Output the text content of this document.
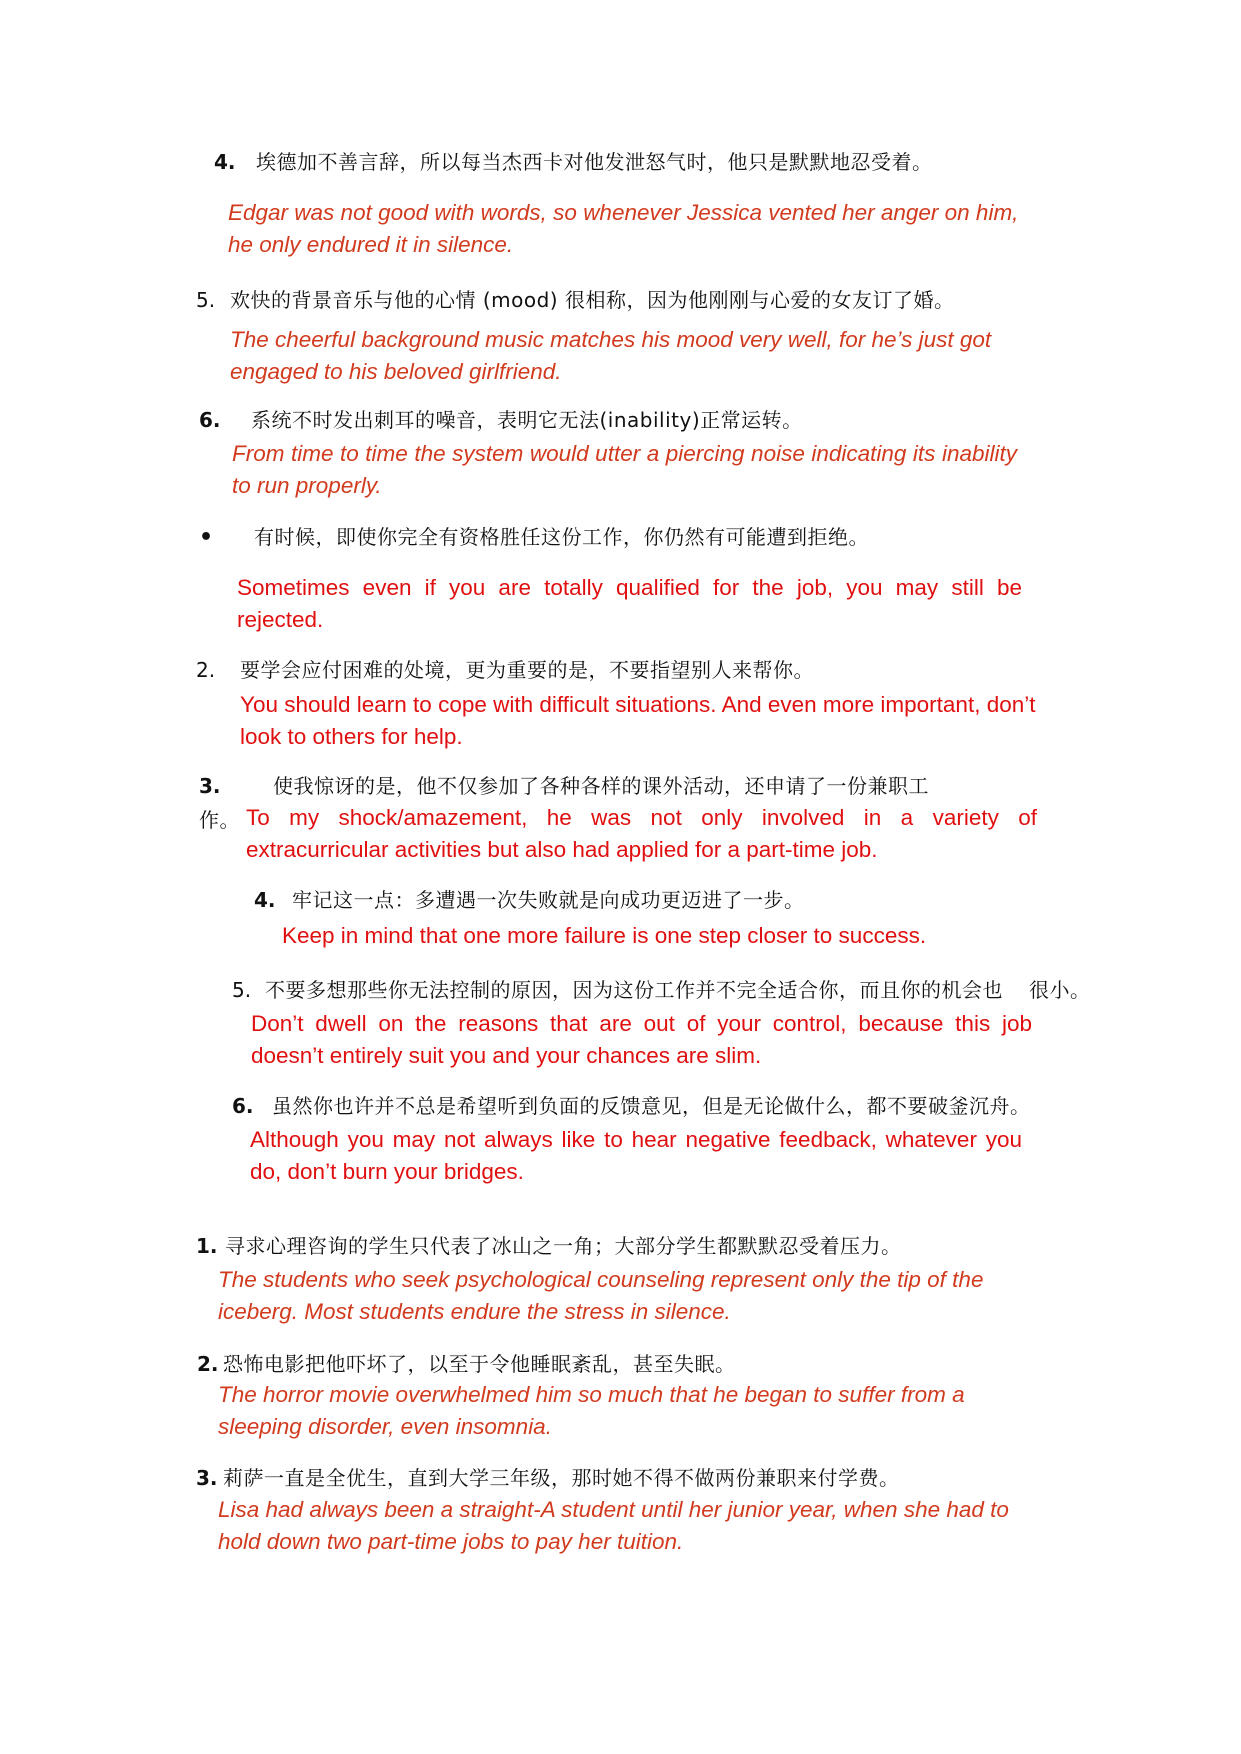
4.	埃德加不善言辞，所以每当杰西卡对他发泄怒气时，他只是默默地忍受着。

Edgar was not good with words, so whenever Jessica vented her anger on him, he only endured it in silence.

5. 欢快的背景音乐与他的心情 (mood) 很相称，因为他刚刚与心爱的女友订了婚。

The cheerful background music matches his mood very well, for he’s just got engaged to his beloved girlfriend.

6.	系统不时发出刺耳的噪音，表明它无法(inability)正常运转。

From time to time the system would utter a piercing noise indicating its inability to run properly.

•	有时候，即使你完全有资格胜任这份工作，你仍然有可能遭到拒绝。

Sometimes even if you are totally qualified for the job, you may still be rejected.

2.	要学会应付困难的处境，更为重要的是，不要指望别人来帮你。

You should learn to cope with difficult situations. And even more important, don’t look to others for help.

3.	使我惊讶的是，他不仅参加了各种各样的课外活动，还申请了一份兼职工
作。 To my shock/amazement, he was not only involved in a variety of extracurricular activities but also had applied for a part-time job.

4. 牢记这一点：多遭遇一次失败就是向成功更迈进了一步。

Keep in mind that one more failure is one step closer to success.

5. 不要多想那些你无法控制的原因，因为这份工作并不完全适合你，而且你的机会也 很小。

Don’t dwell on the reasons that are out of your control, because this job doesn’t entirely suit you and your chances are slim.

6. 虽然你也许并不总是希望听到负面的反馈意见，但是无论做什么，都不要破釜沉舟。

Although you may not always like to hear negative feedback, whatever you do, don’t burn your bridges.

1. 寻求心理咨询的学生只代表了冰山之一角；大部分学生都默默忍受着压力。

The students who seek psychological counseling represent only the tip of the iceberg. Most students endure the stress in silence.

2. 恐怖电影把他吓坏了，以至于令他睡眠紊乱，甚至失眠。

The horror movie overwhelmed him so much that he began to suffer from a sleeping disorder, even insomnia.

3. 莉萨一直是全优生，直到大学三年级，那时她不得不做两份兼职来付学费。

Lisa had always been a straight-A student until her junior year, when she had to hold down two part-time jobs to pay her tuition.
